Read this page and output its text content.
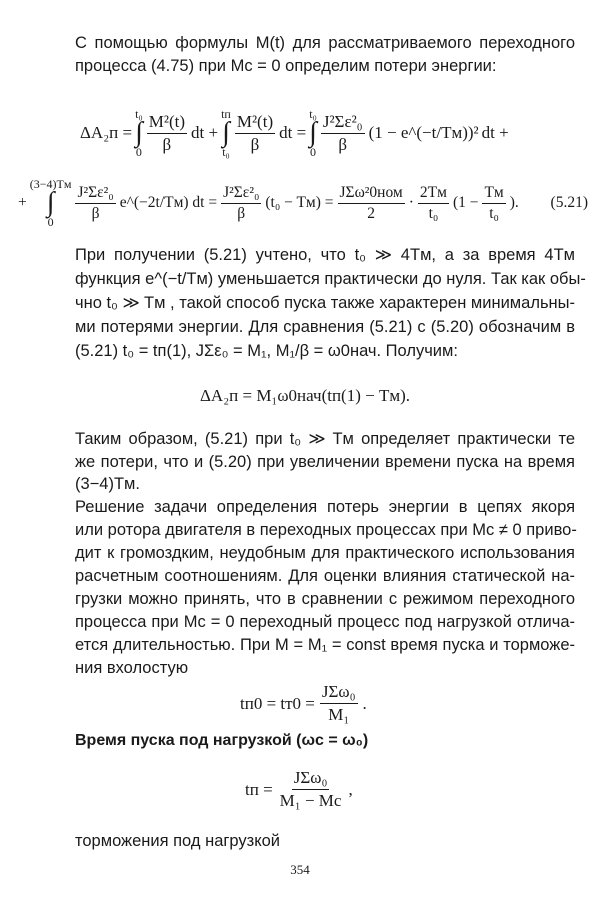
С помощью формулы M(t) для рассматриваемого переходного
процесса (4.75) при Mс = 0 определим потери энергии:
ΔA₂п =
t₀
∫
$0 \frac{\text{M²(t)}}{\beta}$ dt +
tп
∫
$t_0 \frac{\text{M²(t)}}{\beta}$ dt =
t₀
∫
$0 \frac{\text{J²Σε²₀}}{\beta} (1$ − e^(−t/Tм))² dt +
+
(3−4)Tм
∫
$0 \frac{\text{J²Σε²₀}}{\beta}$ e^(−2t/Tм) dt = $\frac{\text{J²Σε²₀}}{\beta} (t_0 - Tм) = \frac{\text{JΣω²0ном}}{2} \cdot \frac{2Tм}{\text{t₀}} (1 - \frac{Tм}{\text{t₀}}$ ).	(5.21)
При получении (5.21) учтено, что t₀ ≫ 4Tм, а за время 4Tм
функция e^(−t/Tм) уменьшается практически до нуля. Так как обы-
чно t₀ ≫ Tм , такой способ пуска также характерен минимальны-
ми потерями энергии. Для сравнения (5.21) с (5.20) обозначим в
(5.21) t₀ = tп(1), JΣε₀ = M₁, M₁/β = ω0нач. Получим:
ΔA₂п = M₁ω0нач(tп(1) − Tм).
Таким образом, (5.21) при t₀ ≫ Tм определяет практически те
же потери, что и (5.20) при увеличении времени пуска на время
(3−4)Tм.
Решение задачи определения потерь энергии в цепях якоря
или ротора двигателя в переходных процессах при Mс ≠ 0 приво-
дит к громоздким, неудобным для практического использования
расчетным соотношениям. Для оценки влияния статической на-
грузки можно принять, что в сравнении с режимом переходного
процесса при Mс = 0 переходный процесс под нагрузкой отлича-
ется длительностью. При M = M₁ = const время пуска и торможе-
ния вхолостую
$tп0 = tт0 = \frac{\text{JΣω₀}}{\text{M₁}}$ .
Время пуска под нагрузкой (ωс = ω₀)
tп = $\frac{\text{JΣω₀}}{\text{M₁ − Mс}}$ ,
торможения под нагрузкой
354
